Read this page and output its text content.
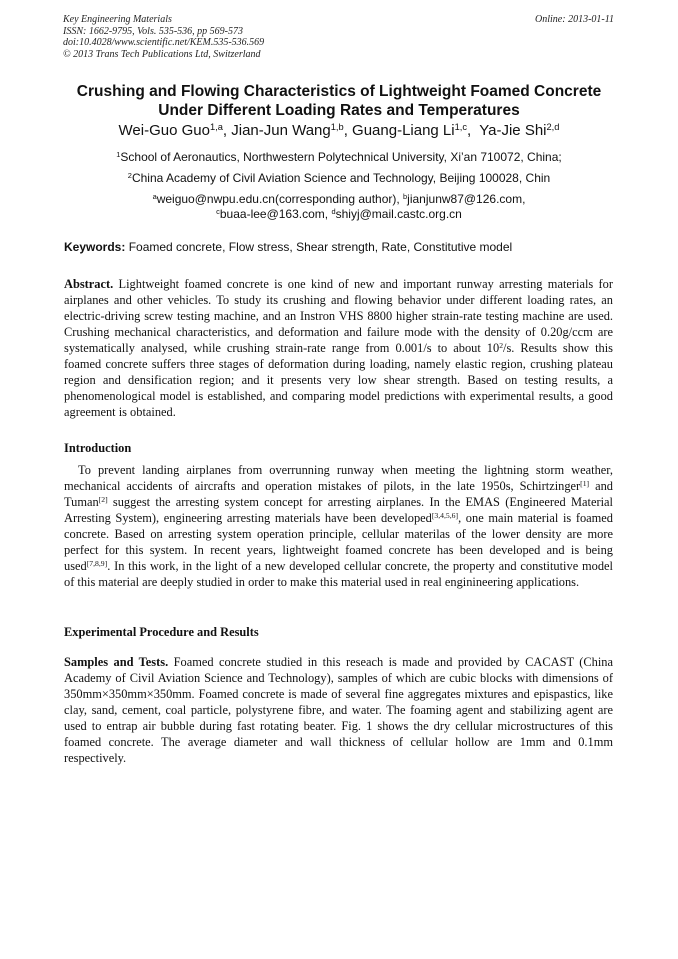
Key Engineering Materials
ISSN: 1662-9795, Vols. 535-536, pp 569-573
doi:10.4028/www.scientific.net/KEM.535-536.569
© 2013 Trans Tech Publications Ltd, Switzerland
Online: 2013-01-11
Crushing and Flowing Characteristics of Lightweight Foamed Concrete
Under Different Loading Rates and Temperatures
Wei-Guo Guo$^{1,a}$, Jian-Jun Wang$^{1,b}$, Guang-Liang Li$^{1,c}$,  Ya-Jie Shi$^{2,d}$
$^1$School of Aeronautics, Northwestern Polytechnical University, Xi’an 710072, China;
$^2$China Academy of Civil Aviation Science and Technology, Beijing 100028, Chin
$^a$weiguo@nwpu.edu.cn(corresponding author), $^b$jianjunw87@126.com,
$^c$buaa-lee@163.com, $^d$shiyj@mail.castc.org.cn
Keywords: Foamed concrete, Flow stress, Shear strength, Rate, Constitutive model
Abstract. Lightweight foamed concrete is one kind of new and important runway arresting materials for airplanes and other vehicles. To study its crushing and flowing behavior under different loading rates, an electric-driving screw testing machine, and an Instron VHS 8800 higher strain-rate testing machine are used. Crushing mechanical characteristics, and deformation and failure mode with the density of 0.20g/ccm are systematically analysed, while crushing strain-rate range from 0.001/s to about $10^2/s$. Results show this foamed concrete suffers three stages of deformation during loading, namely elastic region, crushing plateau region and densification region; and it presents very low shear strength. Based on testing results, a phenomenological model is established, and comparing model predictions with experimental results, a good agreement is obtained.
Introduction
To prevent landing airplanes from overrunning runway when meeting the lightning storm weather, mechanical accidents of aircrafts and operation mistakes of pilots, in the late 1950s, Schirtzinger[1] and Tuman[2] suggest the arresting system concept for arresting airplanes. In the EMAS (Engineered Material Arresting System), engineering arresting materials have been developed[3,4,5,6], one main material is foamed concrete. Based on arresting system operation principle, cellular materilas of the lower density are more perfect for this system. In recent years, lightweight foamed concrete has been developed and is being used[7,8,9]. In this work, in the light of a new developed cellular concrete, the property and constitutive model of this material are deeply studied in order to make this material used in real enginineering applications.
Experimental Procedure and Results
Samples and Tests. Foamed concrete studied in this reseach is made and provided by CACAST (China Academy of Civil Aviation Science and Technology), samples of which are cubic blocks with dimensions of 350mm×350mm×350mm. Foamed concrete is made of several fine aggregates mixtures and epispastics, like clay, sand, cement, coal particle, polystyrene fibre, and water. The foaming agent and stabilizing agent are used to entrap air bubble during fast rotating beater. Fig. 1 shows the dry cellular microstructures of this foamed concrete. The average diameter and wall thickness of cellular hollow are 1mm and 0.1mm respectively.
